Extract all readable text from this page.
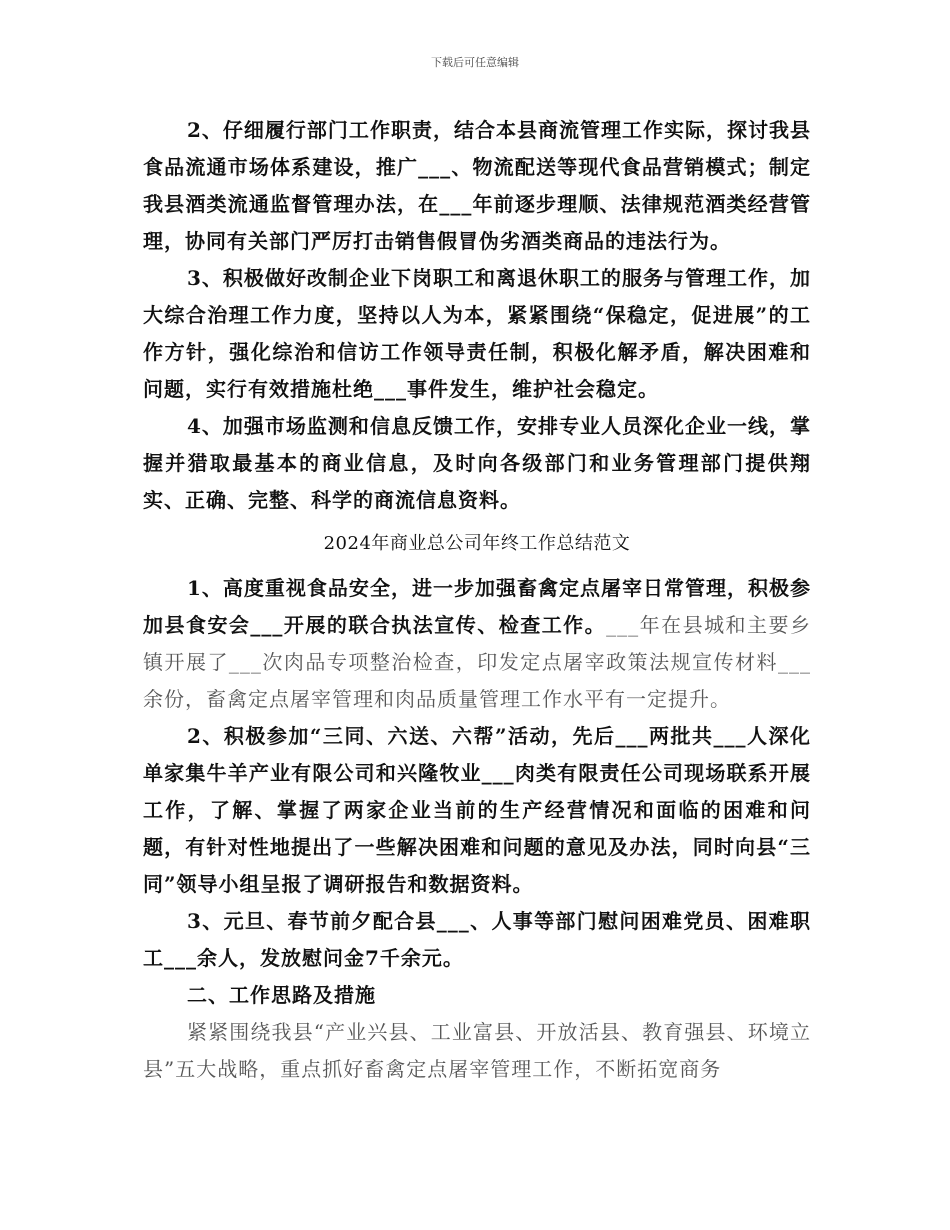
下载后可任意编辑

2、仔细履行部门工作职责，结合本县商流管理工作实际，探讨我县食品流通市场体系建设，推广___、物流配送等现代食品营销模式；制定我县酒类流通监督管理办法，在___年前逐步理顺、法律规范酒类经营管理，协同有关部门严厉打击销售假冒伪劣酒类商品的违法行为。

3、积极做好改制企业下岗职工和离退休职工的服务与管理工作，加大综合治理工作力度，坚持以人为本，紧紧围绕“保稳定，促进展”的工作方针，强化综治和信访工作领导责任制，积极化解矛盾，解决困难和问题，实行有效措施杜绝___事件发生，维护社会稳定。

4、加强市场监测和信息反馈工作，安排专业人员深化企业一线，掌握并猎取最基本的商业信息，及时向各级部门和业务管理部门提供翔实、正确、完整、科学的商流信息资料。

2024年商业总公司年终工作总结范文

1、高度重视食品安全，进一步加强畜禽定点屠宰日常管理，积极参加县食安会___开展的联合执法宣传、检查工作。___年在县城和主要乡镇开展了___次肉品专项整治检查，印发定点屠宰政策法规宣传材料___余份，畜禽定点屠宰管理和肉品质量管理工作水平有一定提升。

2、积极参加“三同、六送、六帮”活动，先后___两批共___人深化单家集牛羊产业有限公司和兴隆牧业___肉类有限责任公司现场联系开展工作，了解、掌握了两家企业当前的生产经营情况和面临的困难和问题，有针对性地提出了一些解决困难和问题的意见及办法，同时向县“三同”领导小组呈报了调研报告和数据资料。

3、元旦、春节前夕配合县___、人事等部门慰问困难党员、困难职工___余人，发放慰问金7千余元。

二、工作思路及措施

紧紧围绕我县“产业兴县、工业富县、开放活县、教育强县、环境立县”五大战略，重点抓好畜禽定点屠宰管理工作，不断拓宽商务
